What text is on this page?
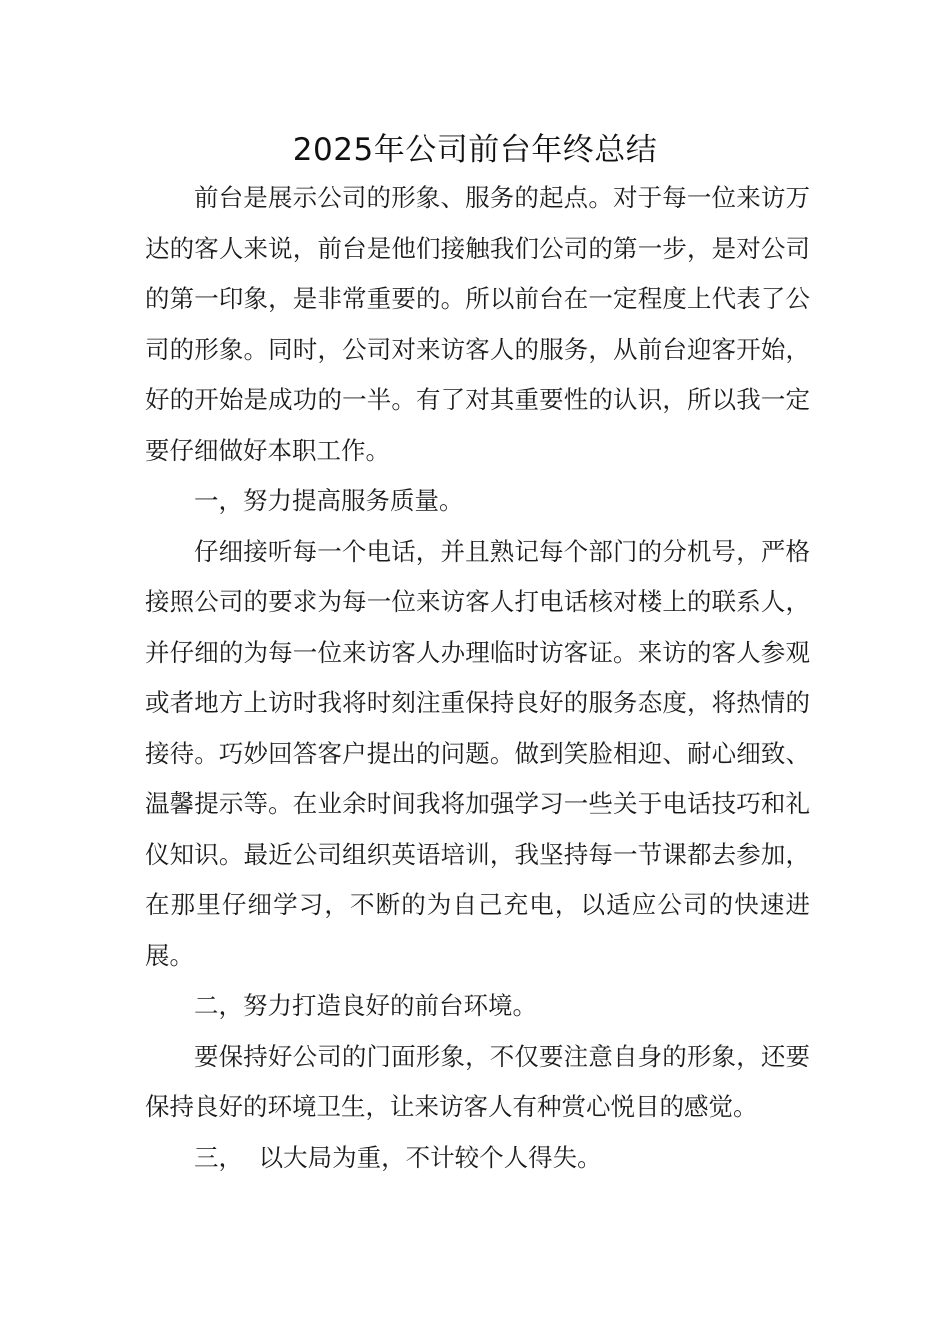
2025年公司前台年终总结

前台是展示公司的形象、服务的起点。对于每一位来访万达的客人来说，前台是他们接触我们公司的第一步，是对公司的第一印象，是非常重要的。所以前台在一定程度上代表了公司的形象。同时，公司对来访客人的服务，从前台迎客开始，好的开始是成功的一半。有了对其重要性的认识，所以我一定要仔细做好本职工作。

一，努力提高服务质量。

仔细接听每一个电话，并且熟记每个部门的分机号，严格接照公司的要求为每一位来访客人打电话核对楼上的联系人，并仔细的为每一位来访客人办理临时访客证。来访的客人参观或者地方上访时我将时刻注重保持良好的服务态度，将热情的接待。巧妙回答客户提出的问题。做到笑脸相迎、耐心细致、温馨提示等。在业余时间我将加强学习一些关于电话技巧和礼仪知识。最近公司组织英语培训，我坚持每一节课都去参加，在那里仔细学习，不断的为自己充电，以适应公司的快速进展。

二，努力打造良好的前台环境。

要保持好公司的门面形象，不仅要注意自身的形象，还要保持良好的环境卫生，让来访客人有种赏心悦目的感觉。

三，  以大局为重，不计较个人得失。
